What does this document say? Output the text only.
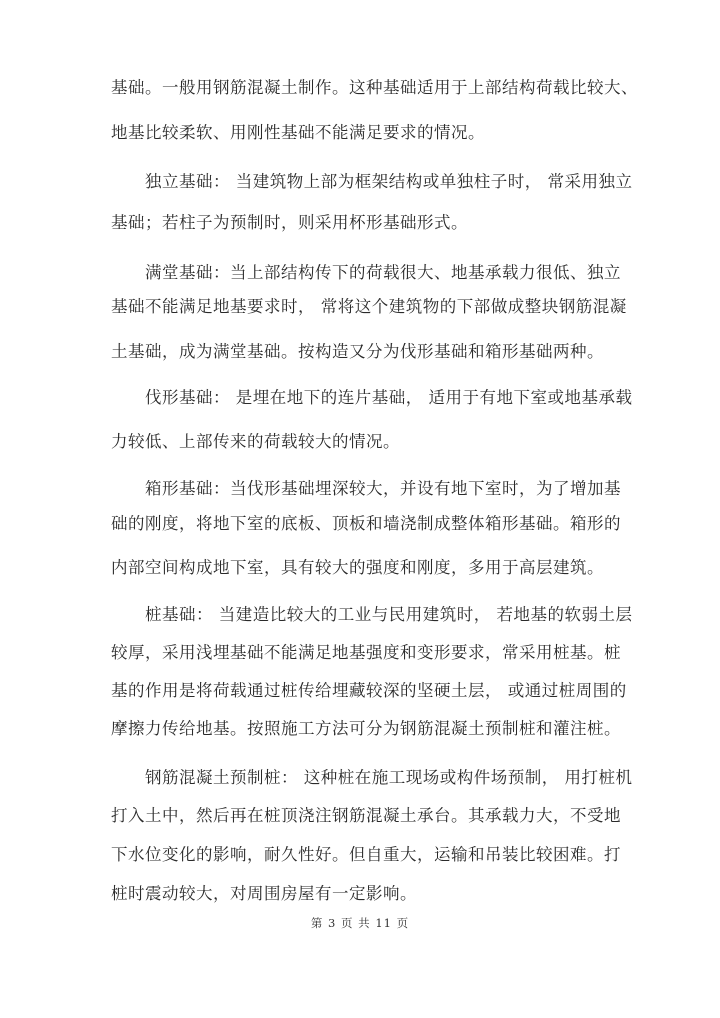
基础。一般用钢筋混凝土制作。这种基础适用于上部结构荷载比较大、
地基比较柔软、用刚性基础不能满足要求的情况。
独立基础： 当建筑物上部为框架结构或单独柱子时， 常采用独立
基础；若柱子为预制时，则采用杯形基础形式。
满堂基础：当上部结构传下的荷载很大、地基承载力很低、独立
基础不能满足地基要求时， 常将这个建筑物的下部做成整块钢筋混凝
土基础，成为满堂基础。按构造又分为伐形基础和箱形基础两种。
伐形基础： 是埋在地下的连片基础， 适用于有地下室或地基承载
力较低、上部传来的荷载较大的情况。
箱形基础：当伐形基础埋深较大，并设有地下室时，为了增加基
础的刚度，将地下室的底板、顶板和墙浇制成整体箱形基础。箱形的
内部空间构成地下室，具有较大的强度和刚度，多用于高层建筑。
桩基础： 当建造比较大的工业与民用建筑时， 若地基的软弱土层
较厚，采用浅埋基础不能满足地基强度和变形要求，常采用桩基。桩
基的作用是将荷载通过桩传给埋藏较深的坚硬土层， 或通过桩周围的
摩擦力传给地基。按照施工方法可分为钢筋混凝土预制桩和灌注桩。
钢筋混凝土预制桩： 这种桩在施工现场或构件场预制， 用打桩机
打入土中，然后再在桩顶浇注钢筋混凝土承台。其承载力大，不受地
下水位变化的影响，耐久性好。但自重大，运输和吊装比较困难。打
桩时震动较大，对周围房屋有一定影响。
第 3 页 共 11 页
